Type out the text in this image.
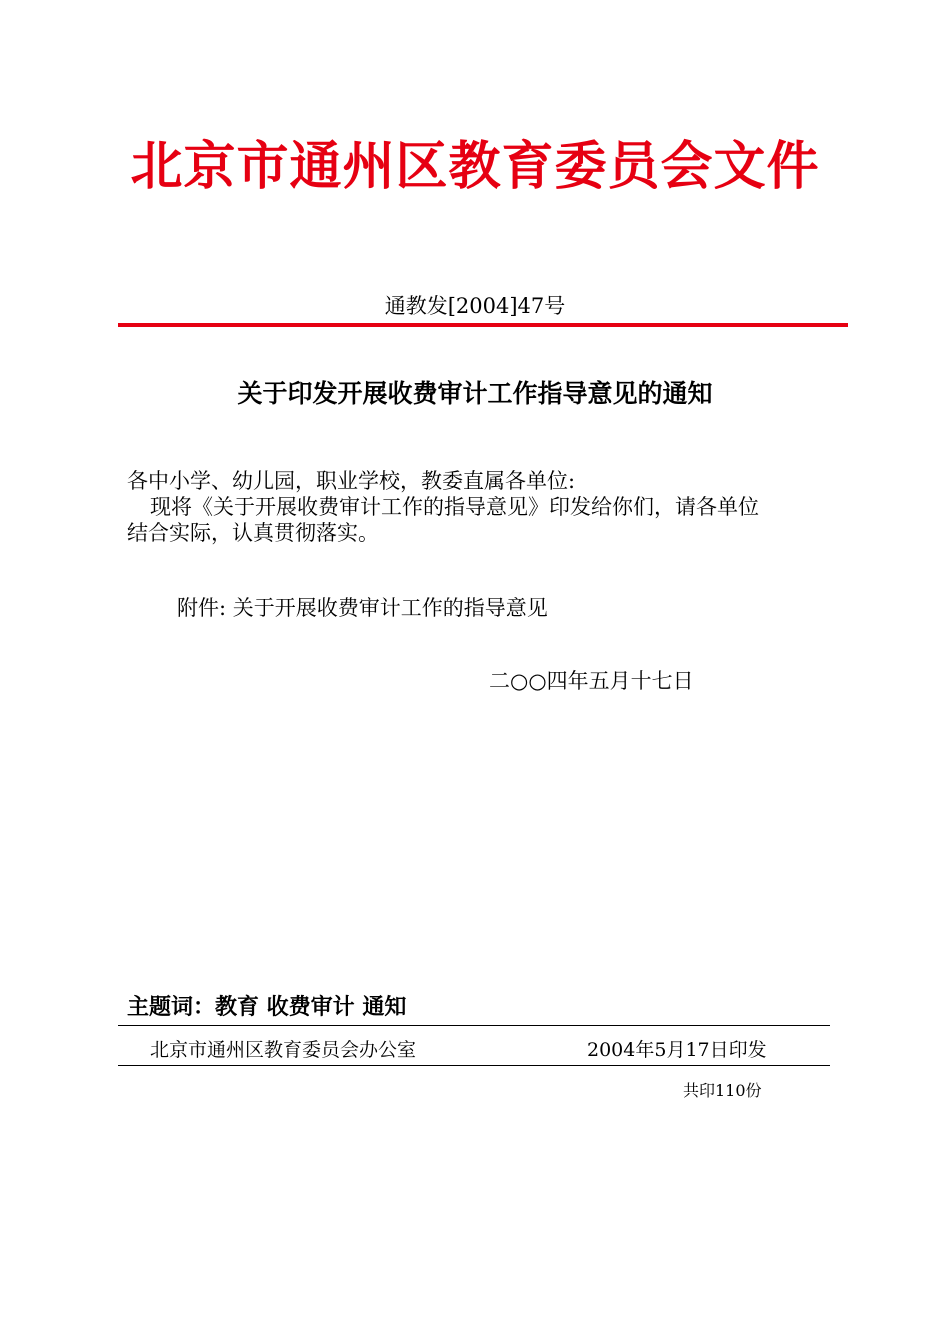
北京市通州区教育委员会文件
通教发[2004]47号
关于印发开展收费审计工作指导意见的通知
各中小学、幼儿园，职业学校，教委直属各单位:
现将《关于开展收费审计工作的指导意见》印发给你们，请各单位
结合实际，认真贯彻落实。
附件: 关于开展收费审计工作的指导意见
二○○四年五月十七日
主题词：教育 收费审计 通知
北京市通州区教育委员会办公室	2004年5月17日印发
共印110份
